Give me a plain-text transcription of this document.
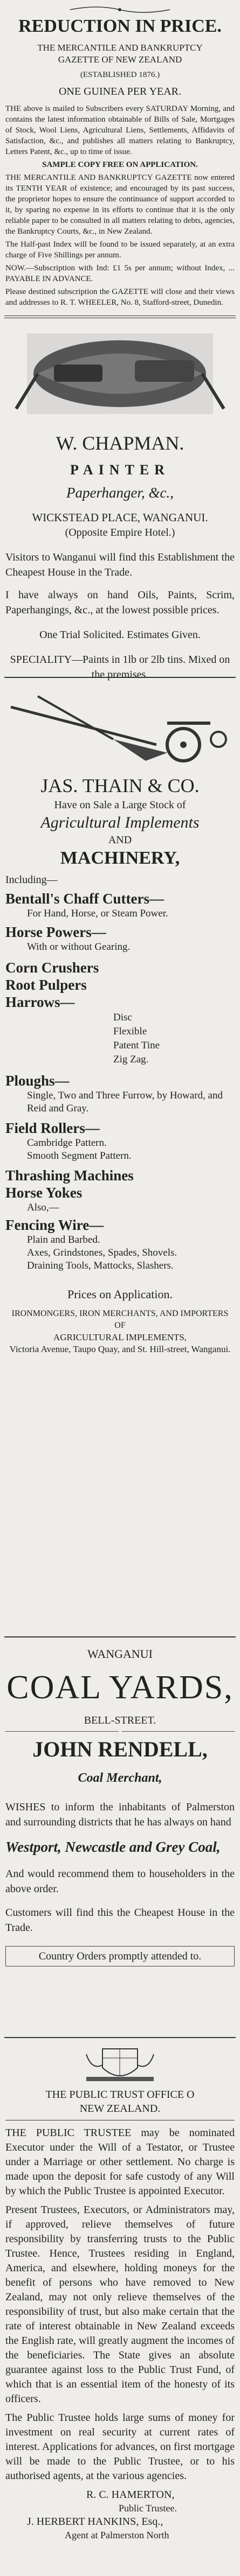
REDUCTION IN PRICE.
THE MERCANTILE AND BANKRUPTCY
GAZETTE OF NEW ZEALAND
(ESTABLISHED 1876.)
ONE GUINEA PER YEAR.

THE above is mailed to Subscribers every SATURDAY Morning, and contains the latest information obtainable of Bills of Sale, Mortgages of Stock, Wool Liens, Agricultural Liens, Settlements, Affidavits of Satisfaction, &c., and publishes all matters relating to Bankruptcy, Letters Patent, &c., up to time of issue.

SAMPLE COPY FREE ON APPLICATION.

THE MERCANTILE AND BANKRUPTCY GAZETTE now entered its TENTH YEAR of existence; and encouraged by its past success, the proprietor hopes to ensure the continuance of support accorded to it, by sparing no expense in its efforts to continue that it is the only reliable paper to be consulted in all matters relating to debts, agencies, the Bankruptcy Courts, &c., in New Zealand.

The Half-past Index will be found to be issued separately, at an extra charge of Five Shillings per annum.

NOW.—Subscription with Ind: £1 5s per annum; without Index, ... PAYABLE IN ADVANCE.

Please destined subscription the GAZETTE will close and their views and addresses to R. T. WHEELER, No. 8, Stafford-street, Dunedin.

W. CHAPMAN.
PAINTER
Paperhanger, &c.,
WICKSTEAD PLACE, WANGANUI.
(Opposite Empire Hotel.)
Visitors to Wanganui will find this Establishment the Cheapest House in the Trade.
I have always on hand Oils, Paints, Scrim, Paperhangings, &c., at the lowest possible prices.
One Trial Solicited. Estimates Given.
SPECIALITY—Paints in 1lb or 2lb tins. Mixed on the premises.
JAS. THAIN & CO.
Have on Sale a Large Stock of
Agricultural Implements
AND
MACHINERY,
Including—
Bentall's Chaff Cutters—
For Hand, Horse, or Steam Power.
Horse Powers—
With or without Gearing.
Corn Crushers
Root Pulpers
Harrows—
Disc
Flexible
Patent Tine
Zig Zag.
Ploughs—
Single, Two and Three Furrow, by Howard, and Reid and Gray.
Field Rollers—
Cambridge Pattern.
Smooth Segment Pattern.
Thrashing Machines
Horse Yokes
Also,—
Fencing Wire—
Plain and Barbed.
Axes, Grindstones, Spades, Shovels.
Draining Tools, Mattocks, Slashers.
Prices on Application.
IRONMONGERS, IRON MERCHANTS, AND IMPORTERS OF
AGRICULTURAL IMPLEMENTS,
Victoria Avenue, Taupo Quay, and St. Hill-street, Wanganui.
WANGANUI
COAL YARDS,
BELL-STREET.
JOHN RENDELL,
Coal Merchant,
WISHES to inform the inhabitants of Palmerston and surrounding districts that he has always on hand
Westport, Newcastle and Grey Coal,
And would recommend them to householders in the above order.
Customers will find this the Cheapest House in the Trade.
Country Orders promptly attended to.
THE PUBLIC TRUST OFFICE O
NEW ZEALAND.

THE PUBLIC TRUSTEE may be nominated Executor under the Will of a Testator, or Trustee under a Marriage or other settlement. No charge is made upon the deposit for safe custody of any Will by which the Public Trustee is appointed Executor.

Present Trustees, Executors, or Administrators may, if approved, relieve themselves of future responsibility by transferring trusts to the Public Trustee. Hence, Trustees residing in England, America, and elsewhere, holding moneys for the benefit of persons who have removed to New Zealand, may not only relieve themselves of the responsibility of trust, but also make certain that the rate of interest obtainable in New Zealand exceeds the English rate, will greatly augment the incomes of the beneficiaries. The State gives an absolute guarantee against loss to the Public Trust Fund, of which that is an essential item of the honesty of its officers.

The Public Trustee holds large sums of money for investment on real security at current rates of interest. Applications for advances, on first mortgage will be made to the Public Trustee, or to his authorised agents, at the various agencies.

R. C. HAMERTON,
Public Trustee.
J. HERBERT HANKINS, Esq.,
Agent at Palmerston North
